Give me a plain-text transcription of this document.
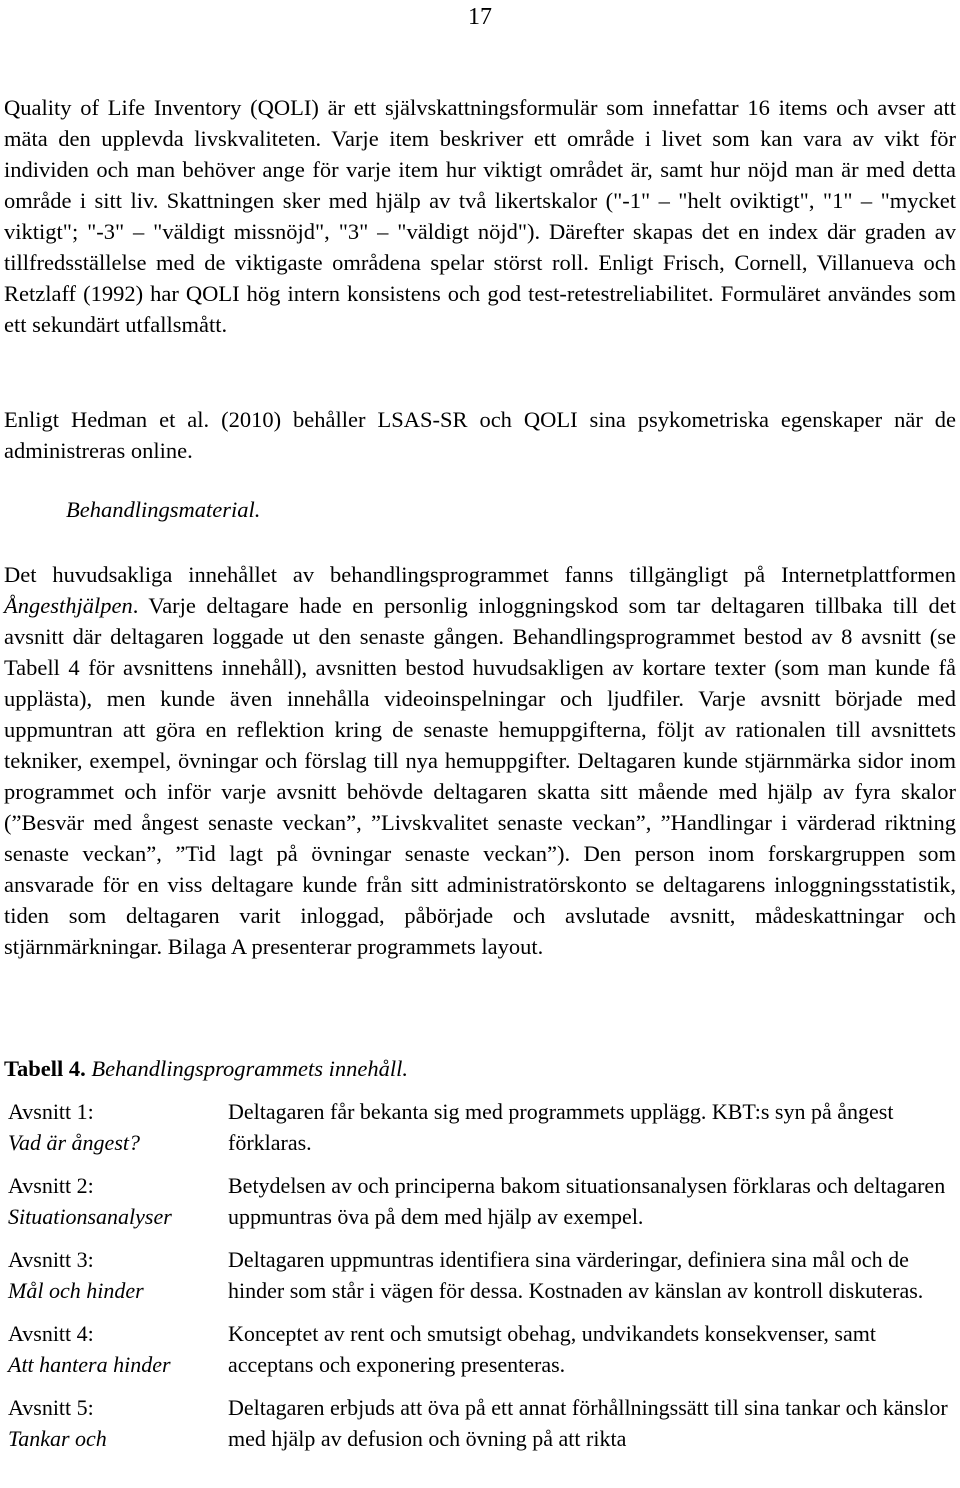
17

Quality of Life Inventory (QOLI) är ett självskattningsformulär som innefattar 16 items och avser att mäta den upplevda livskvaliteten. Varje item beskriver ett område i livet som kan vara av vikt för individen och man behöver ange för varje item hur viktigt området är, samt hur nöjd man är med detta område i sitt liv. Skattningen sker med hjälp av två likertskalor ("-1" – "helt oviktigt", "1" – "mycket viktigt"; "-3" – "väldigt missnöjd", "3" – "väldigt nöjd"). Därefter skapas det en index där graden av tillfredsställelse med de viktigaste områdena spelar störst roll. Enligt Frisch, Cornell, Villanueva och Retzlaff (1992) har QOLI hög intern konsistens och god test-retestreliabilitet. Formuläret användes som ett sekundärt utfallsmått.

Enligt Hedman et al. (2010) behåller LSAS-SR och QOLI sina psykometriska egenskaper när de administreras online.

Behandlingsmaterial.

Det huvudsakliga innehållet av behandlingsprogrammet fanns tillgängligt på Internetplattformen Ångesthjälpen. Varje deltagare hade en personlig inloggningskod som tar deltagaren tillbaka till det avsnitt där deltagaren loggade ut den senaste gången. Behandlingsprogrammet bestod av 8 avsnitt (se Tabell 4 för avsnittens innehåll), avsnitten bestod huvudsakligen av kortare texter (som man kunde få upplästa), men kunde även innehålla videoinspelningar och ljudfiler. Varje avsnitt började med uppmuntran att göra en reflektion kring de senaste hemuppgifterna, följt av rationalen till avsnittets tekniker, exempel, övningar och förslag till nya hemuppgifter. Deltagaren kunde stjärnmärka sidor inom programmet och inför varje avsnitt behövde deltagaren skatta sitt mående med hjälp av fyra skalor (”Besvär med ångest senaste veckan”, ”Livskvalitet senaste veckan”, ”Handlingar i värderad riktning senaste veckan”, ”Tid lagt på övningar senaste veckan”). Den person inom forskargruppen som ansvarade för en viss deltagare kunde från sitt administratörskonto se deltagarens inloggningsstatistik, tiden som deltagaren varit inloggad, påbörjade och avslutade avsnitt, mådeskattningar och stjärnmärkningar. Bilaga A presenterar programmets layout.

Tabell 4. Behandlingsprogrammets innehåll.

Avsnitt 1:
Vad är ångest?
Deltagaren får bekanta sig med programmets upplägg. KBT:s syn på ångest förklaras.
Avsnitt 2:
Situationsanalyser
Betydelsen av och principerna bakom situationsanalysen förklaras och deltagaren uppmuntras öva på dem med hjälp av exempel.
Avsnitt 3:
Mål och hinder
Deltagaren uppmuntras identifiera sina värderingar, definiera sina mål och de hinder som står i vägen för dessa. Kostnaden av känslan av kontroll diskuteras.
Avsnitt 4:
Att hantera hinder
Konceptet av rent och smutsigt obehag, undvikandets konsekvenser, samt acceptans och exponering presenteras.
Avsnitt 5:
Tankar och
Deltagaren erbjuds att öva på ett annat förhållningssätt till sina tankar och känslor med hjälp av defusion och övning på att rikta
